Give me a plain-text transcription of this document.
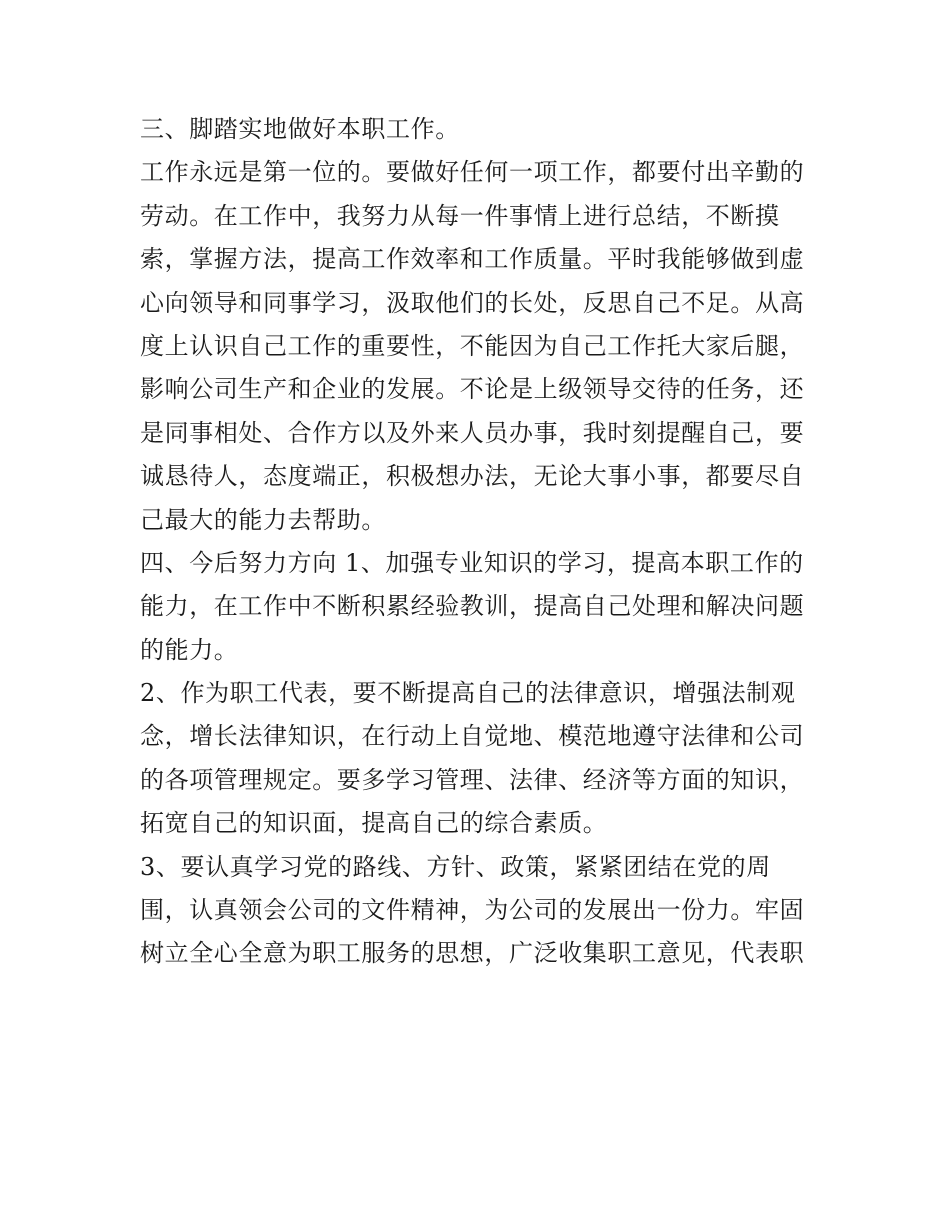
三、脚踏实地做好本职工作。

工作永远是第一位的。要做好任何一项工作，都要付出辛勤的

劳动。在工作中，我努力从每一件事情上进行总结，不断摸

索，掌握方法，提高工作效率和工作质量。平时我能够做到虚

心向领导和同事学习，汲取他们的长处，反思自己不足。从高

度上认识自己工作的重要性，不能因为自己工作托大家后腿，

影响公司生产和企业的发展。不论是上级领导交待的任务，还

是同事相处、合作方以及外来人员办事，我时刻提醒自己，要

诚恳待人，态度端正，积极想办法，无论大事小事，都要尽自

己最大的能力去帮助。

四、今后努力方向 1、加强专业知识的学习，提高本职工作的

能力，在工作中不断积累经验教训，提高自己处理和解决问题

的能力。

2、作为职工代表，要不断提高自己的法律意识，增强法制观

念，增长法律知识，在行动上自觉地、模范地遵守法律和公司

的各项管理规定。要多学习管理、法律、经济等方面的知识，

拓宽自己的知识面，提高自己的综合素质。

3、要认真学习党的路线、方针、政策，紧紧团结在党的周

围，认真领会公司的文件精神，为公司的发展出一份力。牢固

树立全心全意为职工服务的思想，广泛收集职工意见，代表职
